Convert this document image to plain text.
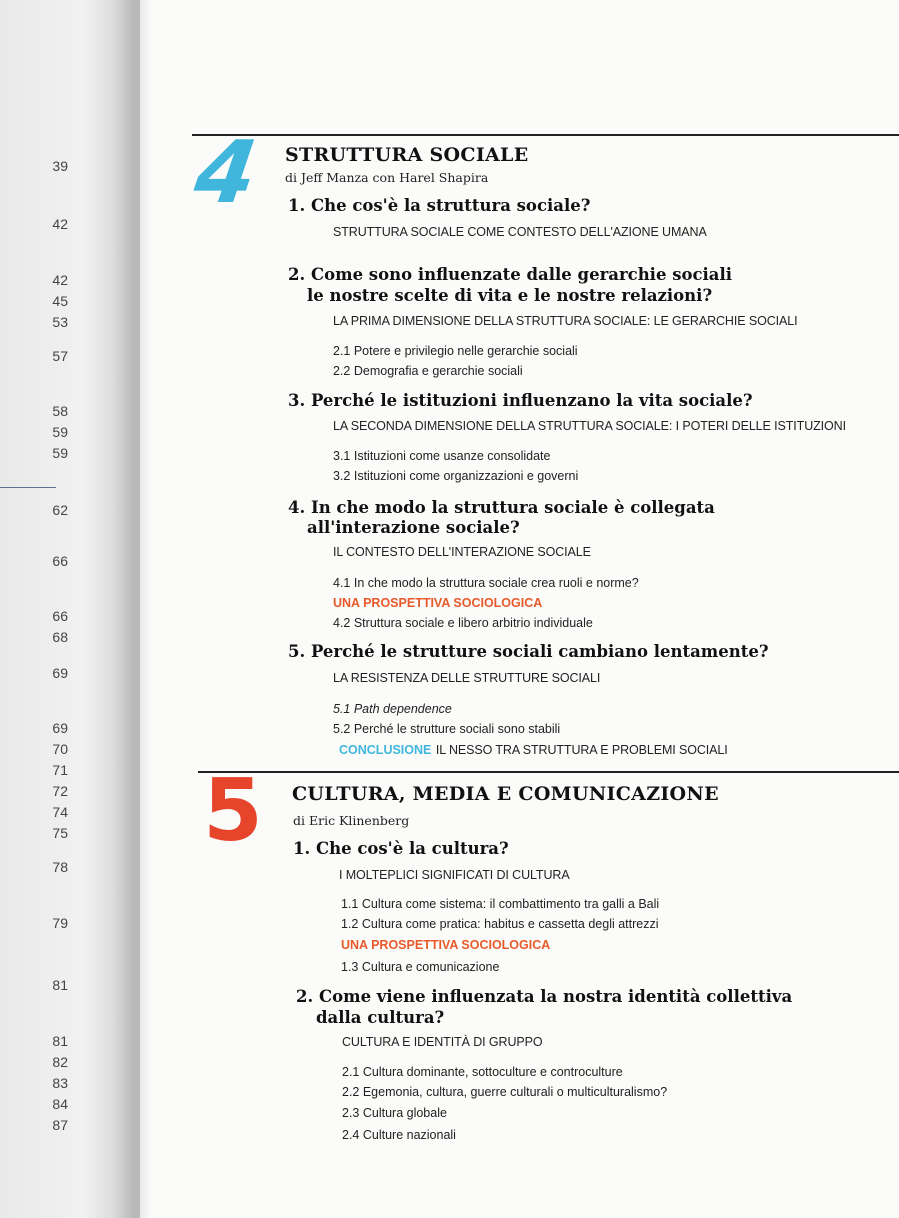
39
42
42
45
53
57
58
59
59
62
66
66
68
69
69
70
71
72
74
75
78
79
81
81
82
83
84
87
4 STRUTTURA SOCIALE
di Jeff Manza con Harel Shapira
1. Che cos'è la struttura sociale?
STRUTTURA SOCIALE COME CONTESTO DELL'AZIONE UMANA
2. Come sono influenzate dalle gerarchie sociali
le nostre scelte di vita e le nostre relazioni?
LA PRIMA DIMENSIONE DELLA STRUTTURA SOCIALE: LE GERARCHIE SOCIALI
2.1 Potere e privilegio nelle gerarchie sociali
2.2 Demografia e gerarchie sociali
3. Perché le istituzioni influenzano la vita sociale?
LA SECONDA DIMENSIONE DELLA STRUTTURA SOCIALE: I POTERI DELLE ISTITUZIONI
3.1 Istituzioni come usanze consolidate
3.2 Istituzioni come organizzazioni e governi
4. In che modo la struttura sociale è collegata
all'interazione sociale?
IL CONTESTO DELL'INTERAZIONE SOCIALE
4.1 In che modo la struttura sociale crea ruoli e norme?
UNA PROSPETTIVA SOCIOLOGICA
4.2 Struttura sociale e libero arbitrio individuale
5. Perché le strutture sociali cambiano lentamente?
LA RESISTENZA DELLE STRUTTURE SOCIALI
5.1 Path dependence
5.2 Perché le strutture sociali sono stabili
CONCLUSIONE IL NESSO TRA STRUTTURA E PROBLEMI SOCIALI
5 CULTURA, MEDIA E COMUNICAZIONE
di Eric Klinenberg
1. Che cos'è la cultura?
I MOLTEPLICI SIGNIFICATI DI CULTURA
1.1 Cultura come sistema: il combattimento tra galli a Bali
1.2 Cultura come pratica: habitus e cassetta degli attrezzi
UNA PROSPETTIVA SOCIOLOGICA
1.3 Cultura e comunicazione
2. Come viene influenzata la nostra identità collettiva
dalla cultura?
CULTURA E IDENTITÀ DI GRUPPO
2.1 Cultura dominante, sottoculture e controculture
2.2 Egemonia, cultura, guerre culturali o multiculturalismo?
2.3 Cultura globale
2.4 Culture nazionali
